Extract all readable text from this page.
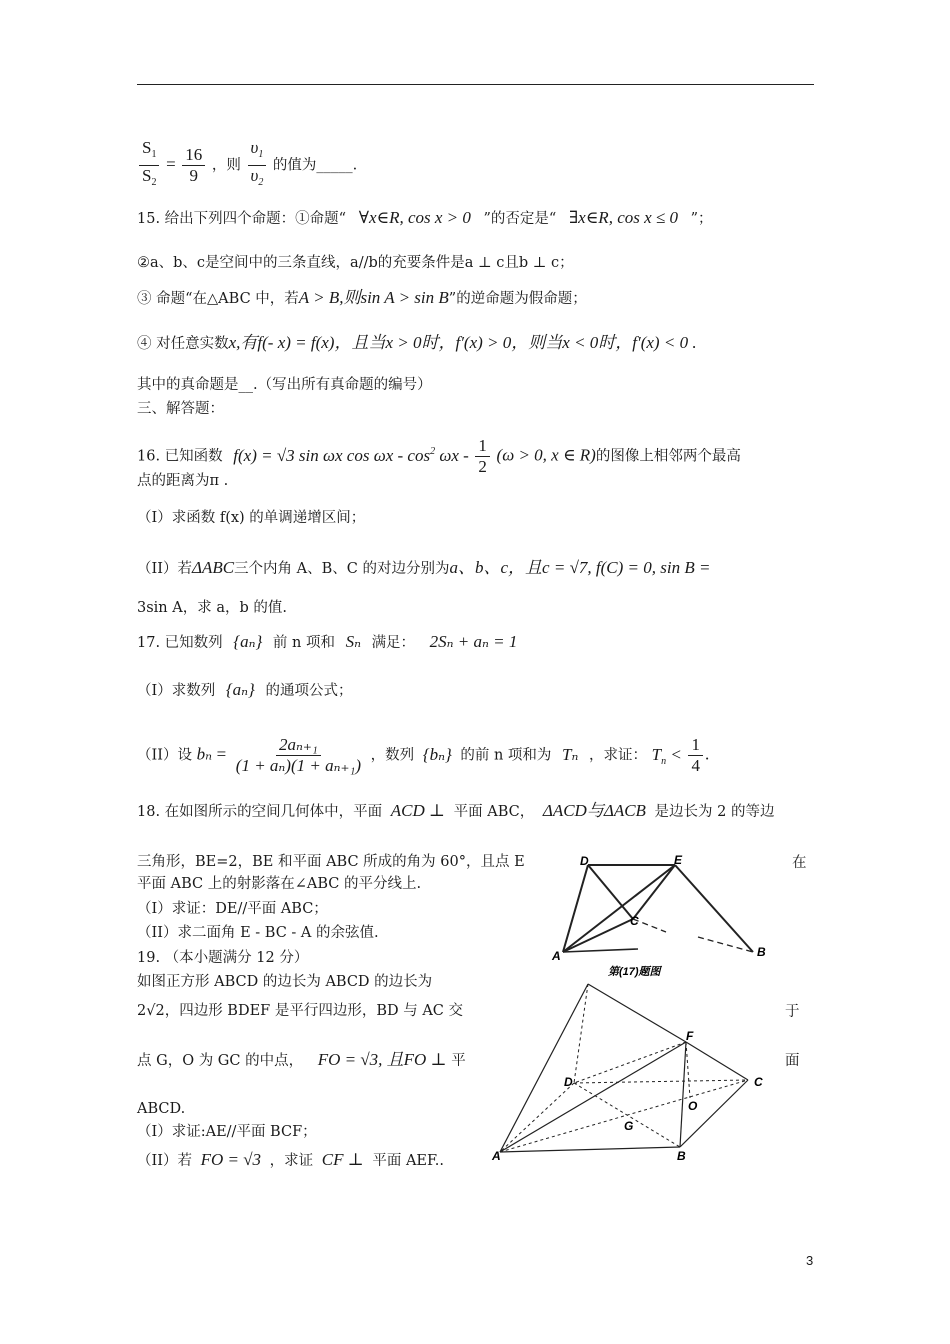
$\frac{S_1}{S_2} = \frac{16}{9}$ ，则 $\frac{\upsilon_1}{\upsilon_2}$ 的值为_____.
15. 给出下列四个命题：①命题“ ∀x∈R, cos x > 0 ”的否定是“ ∃x∈R, cos x ≤ 0 ”；
②a、b、c是空间中的三条直线，a//b的充要条件是a ⊥ c且b ⊥ c；
③ 命题“在△ABC 中，若A > B,则sin A > sin B”的逆命题为假命题；
④ 对任意实数x,有f(- x) = f(x)，且当x > 0时，f′(x) > 0，则当x < 0时，f′(x) < 0 .
其中的真命题是__.（写出所有真命题的编号）
三、解答题：
16. 已知函数 f(x) = √3 sin ωx $\cos \omega x - \cos^2 \omega x - \frac{1}{2} (\omega > 0$, x ∈ R)的图像上相邻两个最高
点的距离为π .
（I）求函数 f(x) 的单调递增区间；
（II）若ΔABC三个内角 A、B、C 的对边分别为a、b、c，且c = √7, f(C) = 0, sin B =
3sin A，求 a，b 的值.
17. 已知数列 {aₙ} 前 n 项和 Sₙ 满足： 2Sₙ + aₙ = 1
（I）求数列 {aₙ} 的通项公式；
（II）设 $b_n = \frac{\text{2aₙ₊₁}}{\text{(1 + aₙ)(1 + aₙ₊₁)}}$ ，数列 {bₙ} 的前 n 项和为 Tₙ ，求证： $T_n < \frac{1}{4}$ .
18. 在如图所示的空间几何体中，平面 ACD ⊥ 平面 ABC， ΔACD与ΔACB 是边长为 2 的等边
三角形，BE=2，BE 和平面 ABC 所成的角为 60°，且点 E	在
平面 ABC 上的射影落在∠ABC 的平分线上.
（I）求证：DE//平面 ABC；
（II）求二面角 E - BC - A 的余弦值.
D	E
C
A	B
第(17)题图
19. （本小题满分 12 分）
如图正方形 ABCD 的边长为 ABCD 的边长为
2√2，四边形 BDEF 是平行四边形，BD 与 AC 交	于
点 G，O 为 GC 的中点， FO = √3, 且FO ⊥ 平	面
ABCD.
（I）求证:AE//平面 BCF；
（II）若 FO = √3 ，求证 CF ⊥ 平面 AEF..
F
D	C
O
G
A	B
3
